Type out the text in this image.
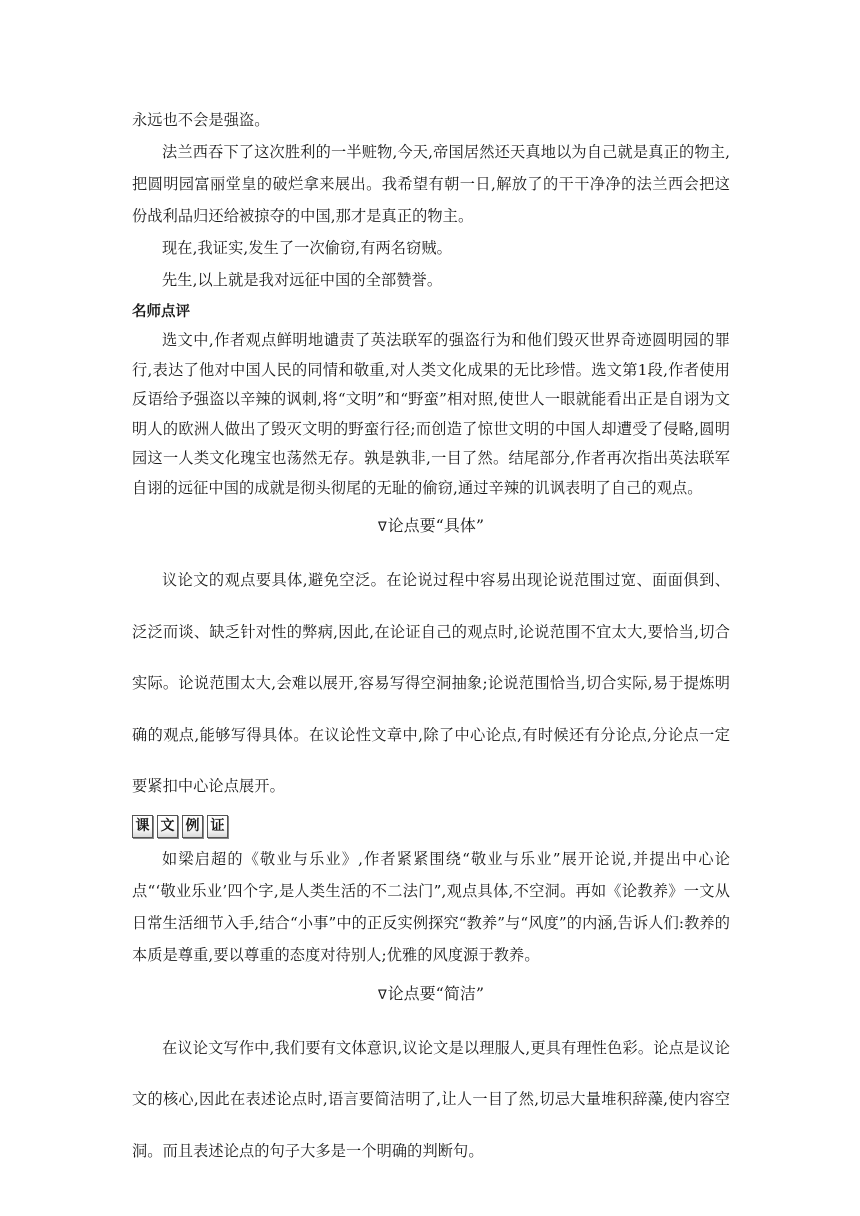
永远也不会是强盗。

法兰西吞下了这次胜利的一半赃物,今天,帝国居然还天真地以为自己就是真正的物主,把圆明园富丽堂皇的破烂拿来展出。我希望有朝一日,解放了的干干净净的法兰西会把这份战利品归还给被掠夺的中国,那才是真正的物主。

现在,我证实,发生了一次偷窃,有两名窃贼。

先生,以上就是我对远征中国的全部赞誉。

名师点评

选文中,作者观点鲜明地谴责了英法联军的强盗行为和他们毁灭世界奇迹圆明园的罪行,表达了他对中国人民的同情和敬重,对人类文化成果的无比珍惜。选文第1段,作者使用反语给予强盗以辛辣的讽刺,将“文明”和“野蛮”相对照,使世人一眼就能看出正是自诩为文明人的欧洲人做出了毁灭文明的野蛮行径;而创造了惊世文明的中国人却遭受了侵略,圆明园这一人类文化瑰宝也荡然无存。孰是孰非,一目了然。结尾部分,作者再次指出英法联军自诩的远征中国的成就是彻头彻尾的无耻的偷窃,通过辛辣的讥讽表明了自己的观点。

∇论点要“具体”

议论文的观点要具体,避免空泛。在论说过程中容易出现论说范围过宽、面面俱到、泛泛而谈、缺乏针对性的弊病,因此,在论证自己的观点时,论说范围不宜太大,要恰当,切合实际。论说范围太大,会难以展开,容易写得空洞抽象;论说范围恰当,切合实际,易于提炼明确的观点,能够写得具体。在议论性文章中,除了中心论点,有时候还有分论点,分论点一定要紧扣中心论点展开。

课 文 例 证

如梁启超的《敬业与乐业》,作者紧紧围绕“敬业与乐业”展开论说,并提出中心论点“‘敬业乐业’四个字,是人类生活的不二法门”,观点具体,不空洞。再如《论教养》一文从日常生活细节入手,结合“小事”中的正反实例探究“教养”与“风度”的内涵,告诉人们:教养的本质是尊重,要以尊重的态度对待别人;优雅的风度源于教养。

∇论点要“简洁”

在议论文写作中,我们要有文体意识,议论文是以理服人,更具有理性色彩。论点是议论文的核心,因此在表述论点时,语言要简洁明了,让人一目了然,切忌大量堆积辞藻,使内容空洞。而且表述论点的句子大多是一个明确的判断句。
